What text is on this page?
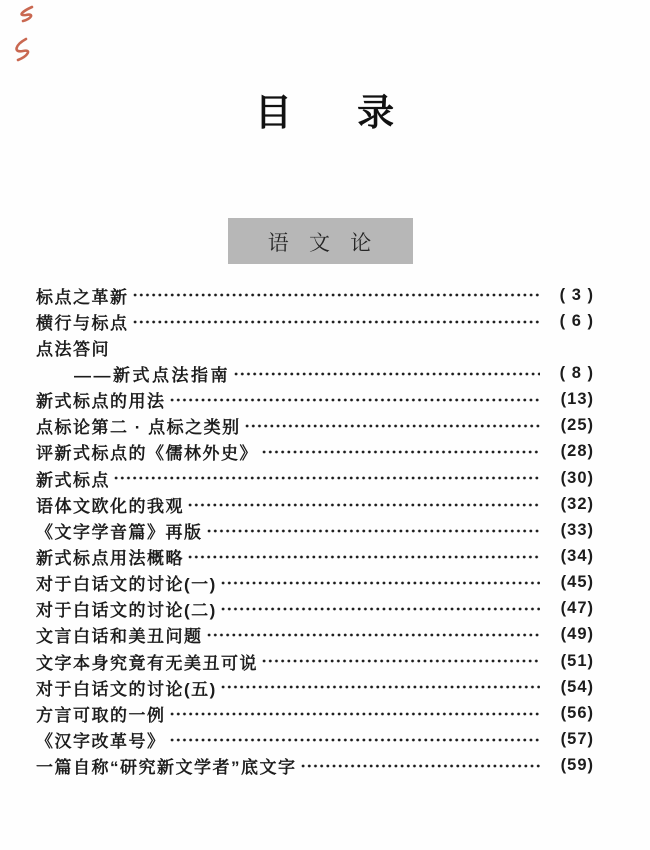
目 录
语 文 论
标点之革新	( 3 )
横行与标点	( 6 )
点法答问
——新式点法指南	( 8 )
新式标点的用法	(13)
点标论第二 · 点标之类别	(25)
评新式标点的《儒林外史》	(28)
新式标点	(30)
语体文欧化的我观	(32)
《文字学音篇》再版	(33)
新式标点用法概略	(34)
对于白话文的讨论(一)	(45)
对于白话文的讨论(二)	(47)
文言白话和美丑问题	(49)
文字本身究竟有无美丑可说	(51)
对于白话文的讨论(五)	(54)
方言可取的一例	(56)
《汉字改革号》	(57)
一篇自称“研究新文学者”底文字	(59)
